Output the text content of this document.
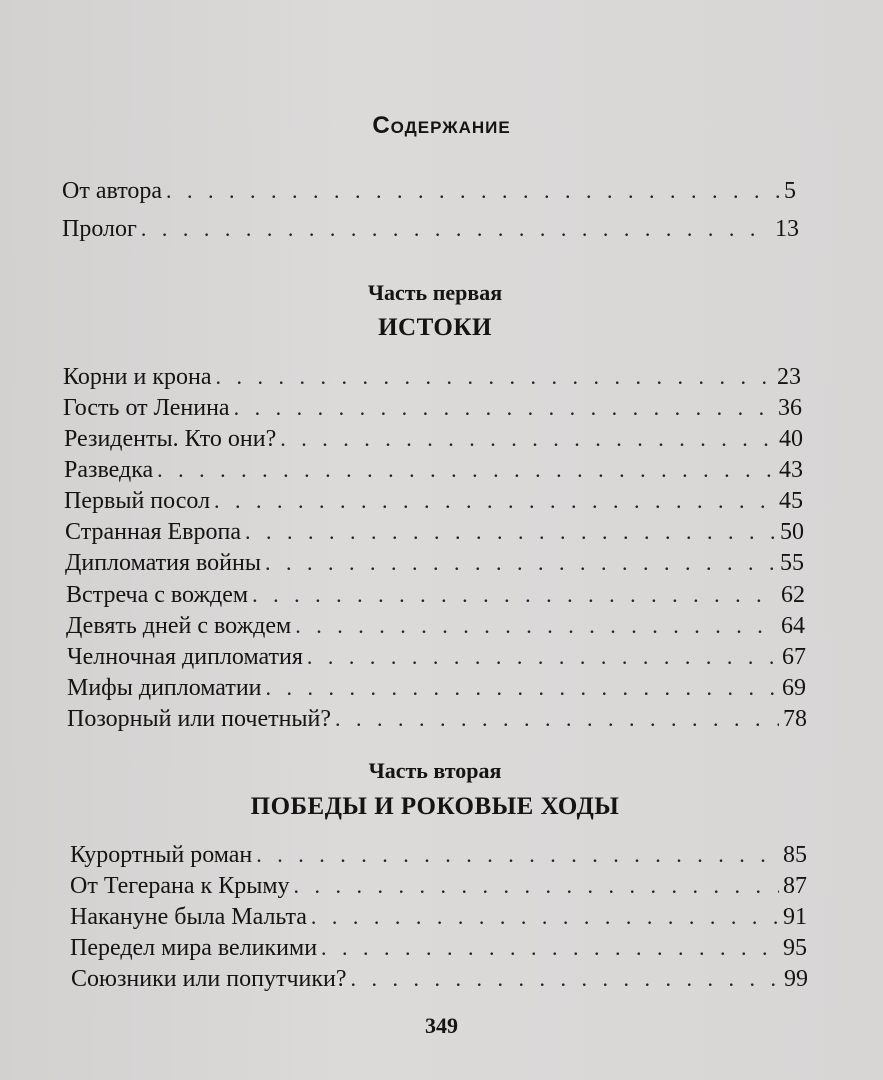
Содержание
От автора . . .	5
Пролог . . .	13
Часть первая
ИСТОКИ
Корни и крона . . .	23
Гость от Ленина . . .	36
Резиденты. Кто они? . . .	40
Разведка . . .	43
Первый посол . . .	45
Странная Европа . . .	50
Дипломатия войны . . .	55
Встреча с вождем . . .	62
Девять дней с вождем . . .	64
Челночная дипломатия . . .	67
Мифы дипломатии . . .	69
Позорный или почетный? . . .	78
Часть вторая
ПОБЕДЫ И РОКОВЫЕ ХОДЫ
Курортный роман . . .	85
От Тегерана к Крыму . . .	87
Накануне была Мальта . . .	91
Передел мира великими . . .	95
Союзники или попутчики? . . .	99
349
